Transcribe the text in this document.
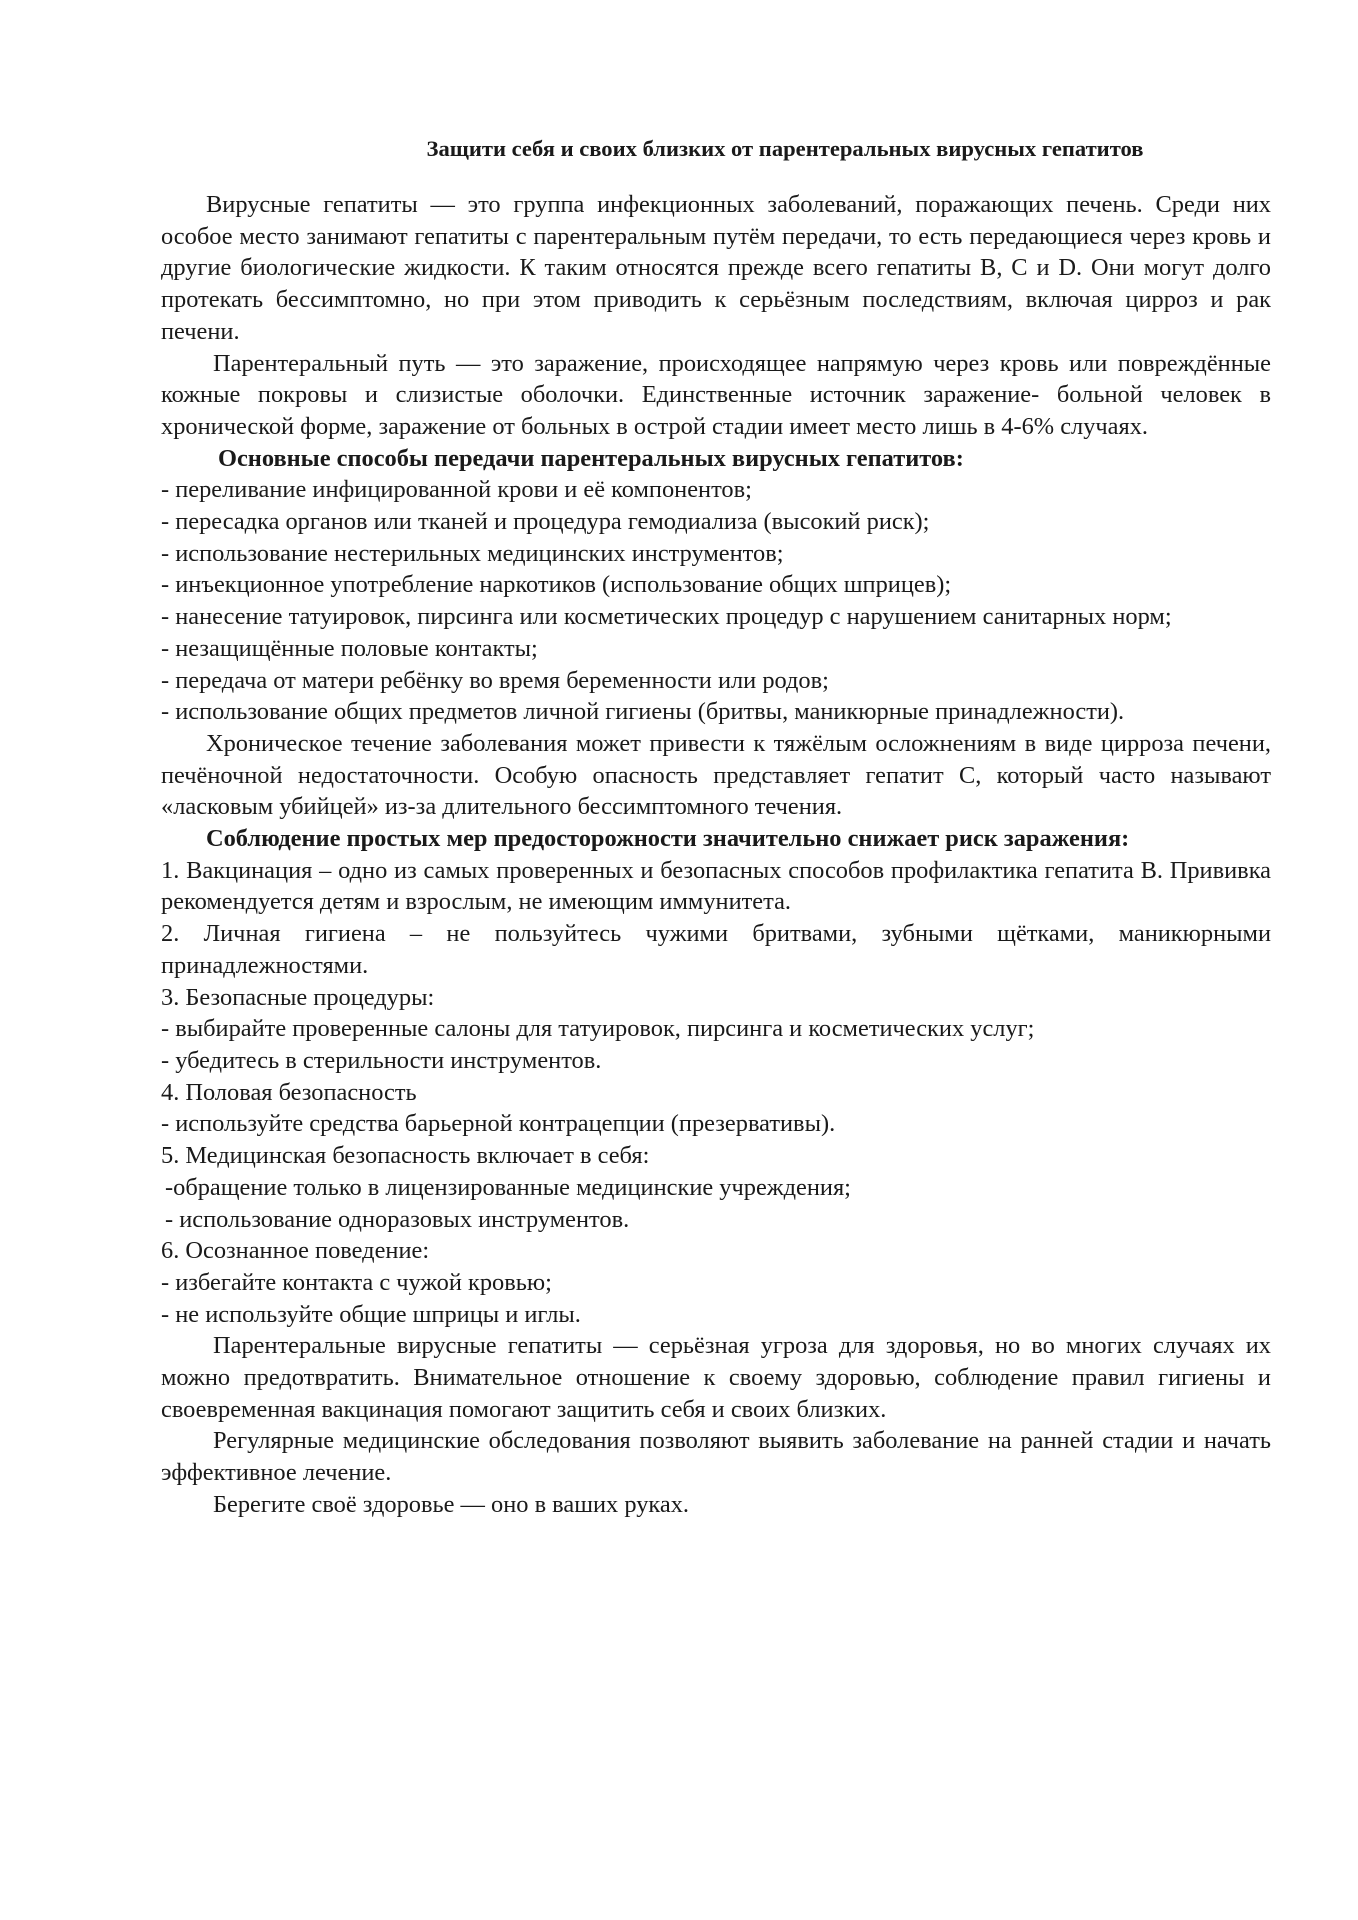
Защити себя и своих близких от парентеральных вирусных гепатитов

Вирусные гепатиты — это группа инфекционных заболеваний, поражающих печень. Среди них особое место занимают гепатиты с парентеральным путём передачи, то есть передающиеся через кровь и другие биологические жидкости. К таким относятся прежде всего гепатиты В, С и D. Они могут долго протекать бессимптомно, но при этом приводить к серьёзным последствиям, включая цирроз и рак печени.

Парентеральный путь — это заражение, происходящее напрямую через кровь или повреждённые кожные покровы и слизистые оболочки. Единственные источник заражение- больной человек в хронической форме, заражение от больных в острой стадии имеет место лишь в 4-6% случаях.

Основные способы передачи парентеральных вирусных гепатитов:
- переливание инфицированной крови и её компонентов;
- пересадка органов или тканей и процедура гемодиализа (высокий риск);
- использование нестерильных медицинских инструментов;
- инъекционное употребление наркотиков (использование общих шприцев);
- нанесение татуировок, пирсинга или косметических процедур с нарушением санитарных норм;
- незащищённые половые контакты;
- передача от матери ребёнку во время беременности или родов;
- использование общих предметов личной гигиены (бритвы, маникюрные принадлежности).

Хроническое течение заболевания может привести к тяжёлым осложнениям в виде цирроза печени, печёночной недостаточности. Особую опасность представляет гепатит С, который часто называют «ласковым убийцей» из-за длительного бессимптомного течения.

Соблюдение простых мер предосторожности значительно снижает риск заражения:
1. Вакцинация – одно из самых проверенных и безопасных способов профилактика гепатита В. Прививка рекомендуется детям и взрослым, не имеющим иммунитета.
2. Личная гигиена – не пользуйтесь чужими бритвами, зубными щётками, маникюрными принадлежностями.
3. Безопасные процедуры:
- выбирайте проверенные салоны для татуировок, пирсинга и косметических услуг;
- убедитесь в стерильности инструментов.
4. Половая безопасность
- используйте средства барьерной контрацепции (презервативы).
5. Медицинская безопасность включает в себя:
-обращение только в лицензированные медицинские учреждения;
- использование одноразовых инструментов.
6. Осознанное поведение:
- избегайте контакта с чужой кровью;
- не используйте общие шприцы и иглы.

Парентеральные вирусные гепатиты — серьёзная угроза для здоровья, но во многих случаях их можно предотвратить. Внимательное отношение к своему здоровью, соблюдение правил гигиены и своевременная вакцинация помогают защитить себя и своих близких.

Регулярные медицинские обследования позволяют выявить заболевание на ранней стадии и начать эффективное лечение.

Берегите своё здоровье — оно в ваших руках.
